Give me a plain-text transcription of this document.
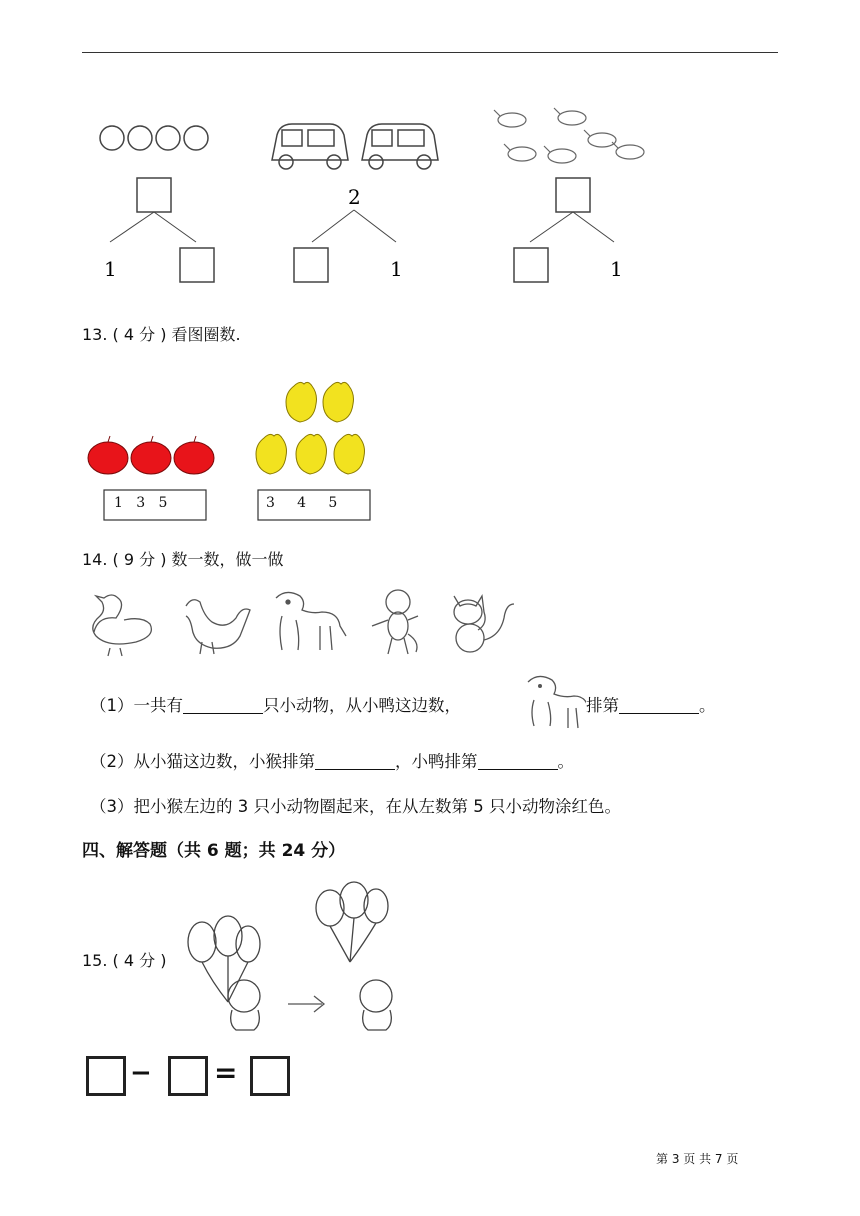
1
2
1	1
13. ( 4 分 ) 看图圈数.
1   3   5	3     4     5
14. ( 9 分 ) 数一数，做一做
（1）一共有	只小动物，从小鸭这边数，	排第	。
（2）从小猫这边数，小猴排第	，小鸭排第	。
（3）把小猴左边的 3 只小动物圈起来，在从左数第 5 只小动物涂红色。
四、解答题（共 6 题；共 24 分）
15. ( 4 分 )
− =
第 3 页 共 7 页
